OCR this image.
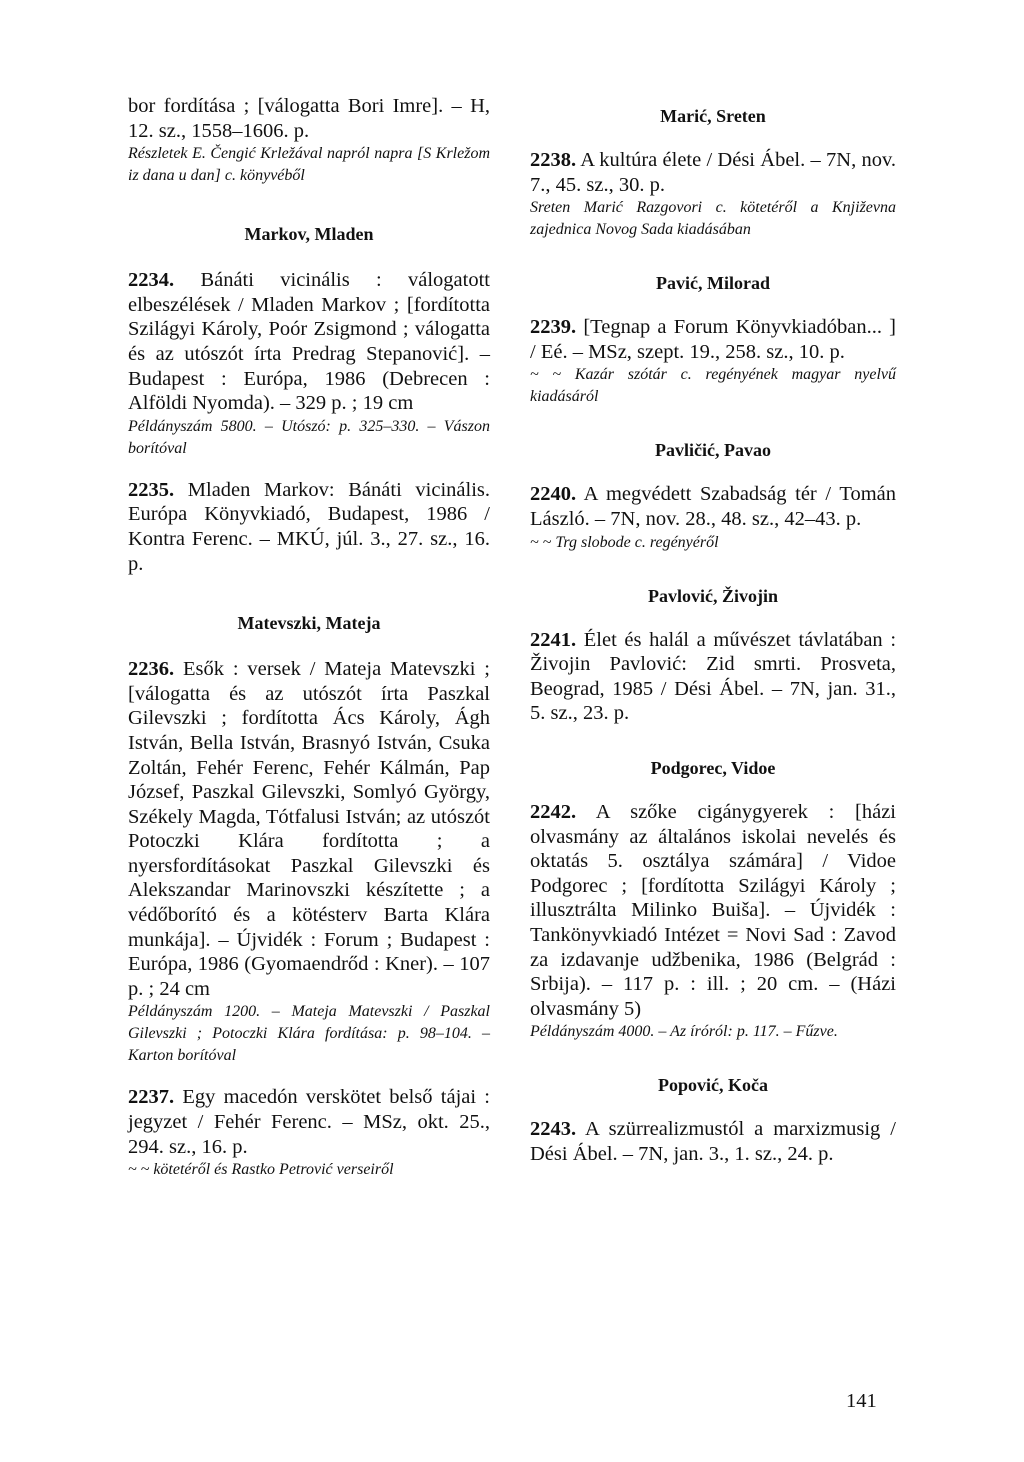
bor fordítása ; [válogatta Bori Imre]. – H, 12. sz., 1558–1606. p.

Részletek E. Čengić Krležával napról napra [S Krležom iz dana u dan] c. könyvéből

Markov, Mladen

2234. Bánáti vicinális : válogatott elbeszélések / Mladen Markov ; [fordította Szilágyi Károly, Poór Zsigmond ; válogatta és az utószót írta Predrag Stepanović]. – Budapest : Európa, 1986 (Debrecen : Alföldi Nyomda). – 329 p. ; 19 cm

Példányszám 5800. – Utószó: p. 325–330. – Vászon borítóval

2235. Mladen Markov: Bánáti vicinális. Európa Könyvkiadó, Budapest, 1986 / Kontra Ferenc. – MKÚ, júl. 3., 27. sz., 16. p.

Matevszki, Mateja

2236. Esők : versek / Mateja Matevszki ; [válogatta és az utószót írta Paszkal Gilevszki ; fordította Ács Károly, Ágh István, Bella István, Brasnyó István, Csuka Zoltán, Fehér Ferenc, Fehér Kálmán, Pap József, Paszkal Gilevszki, Somlyó György, Székely Magda, Tótfalusi István; az utószót Potoczki Klára fordította ; a nyersfordításokat Paszkal Gilevszki és Alekszandar Marinovszki készítette ; a védőborító és a kötésterv Barta Klára munkája]. – Újvidék : Forum ; Budapest : Európa, 1986 (Gyomaendrőd : Kner). – 107 p. ; 24 cm

Példányszám 1200. – Mateja Matevszki / Paszkal Gilevszki ; Potoczki Klára fordítása: p. 98–104. – Karton borítóval

2237. Egy macedón verskötet belső tájai : jegyzet / Fehér Ferenc. – MSz, okt. 25., 294. sz., 16. p.

~ ~ kötetéről és Rastko Petrović verseiről

Marić, Sreten

2238. A kultúra élete / Dési Ábel. – 7N, nov. 7., 45. sz., 30. p.

Sreten Marić Razgovori c. kötetéről a Književna zajednica Novog Sada kiadásában

Pavić, Milorad

2239. [Tegnap a Forum Könyvkiadóban... ] / Eé. – MSz, szept. 19., 258. sz., 10. p.

~ ~ Kazár szótár c. regényének magyar nyelvű kiadásáról

Pavličić, Pavao

2240. A megvédett Szabadság tér / Tomán László. – 7N, nov. 28., 48. sz., 42–43. p.

~ ~ Trg slobode c. regényéről

Pavlović, Živojin

2241. Élet és halál a művészet távlatában : Živojin Pavlović: Zid smrti. Prosveta, Beograd, 1985 / Dési Ábel. – 7N, jan. 31., 5. sz., 23. p.

Podgorec, Vidoe

2242. A szőke cigánygyerek : [házi olvasmány az általános iskolai nevelés és oktatás 5. osztálya számára] / Vidoe Podgorec ; [fordította Szilágyi Károly ; illusztrálta Milinko Buiša]. – Újvidék : Tankönyvkiadó Intézet = Novi Sad : Zavod za izdavanje udžbenika, 1986 (Belgrád : Srbija). – 117 p. : ill. ; 20 cm. – (Házi olvasmány 5)

Példányszám 4000. – Az íróról: p. 117. – Fűzve.

Popović, Koča

2243. A szürrealizmustól a marxizmusig / Dési Ábel. – 7N, jan. 3., 1. sz., 24. p.

141
